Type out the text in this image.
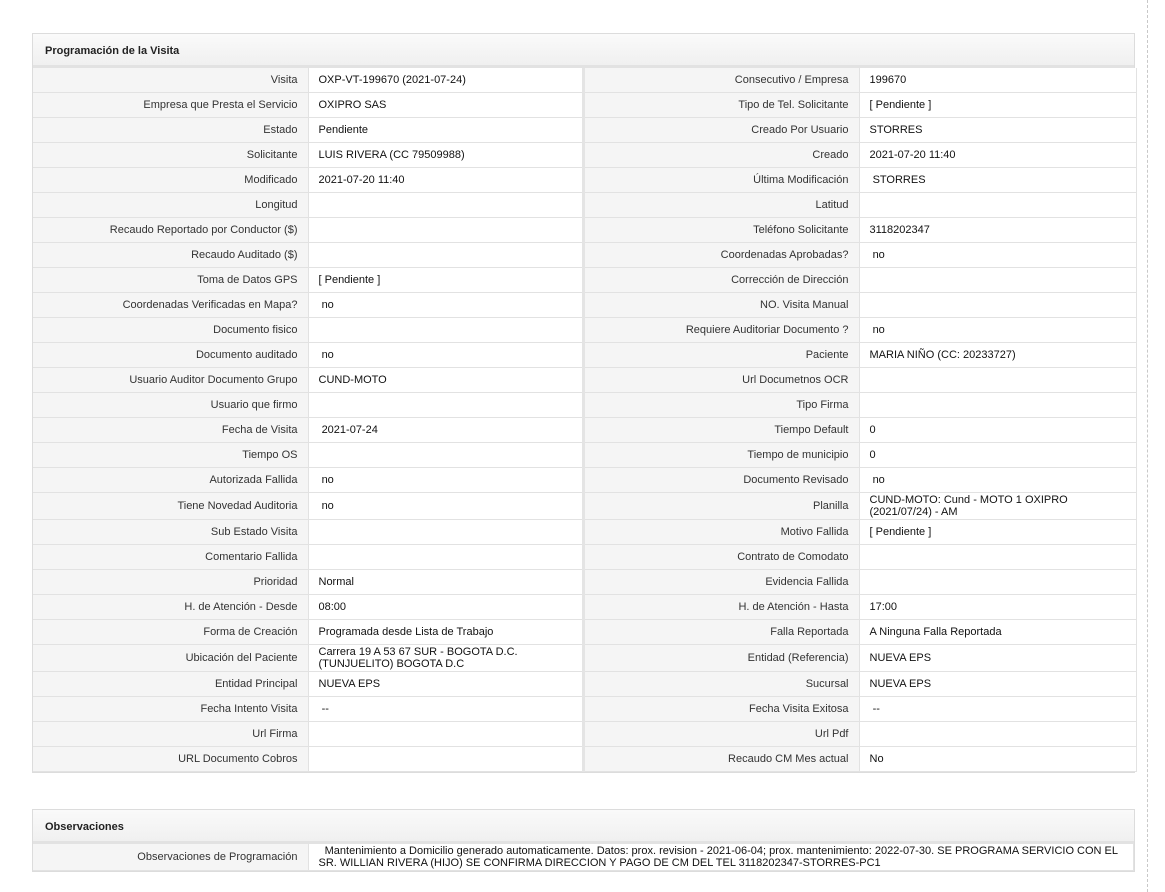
Programación de la Visita
Visita	OXP-VT-199670 (2021-07-24)	Consecutivo / Empresa	199670
Empresa que Presta el Servicio	OXIPRO SAS	Tipo de Tel. Solicitante	[ Pendiente ]
Estado	Pendiente	Creado Por Usuario	STORRES
Solicitante	LUIS RIVERA (CC 79509988)	Creado	2021-07-20 11:40
Modificado	2021-07-20 11:40	Última Modificación	STORRES
Longitud		Latitud	
Recaudo Reportado por Conductor ($)		Teléfono Solicitante	3118202347
Recaudo Auditado ($)		Coordenadas Aprobadas?	no
Toma de Datos GPS	[ Pendiente ]	Corrección de Dirección	
Coordenadas Verificadas en Mapa?	no	NO. Visita Manual	
Documento fisico		Requiere Auditoriar Documento ?	no
Documento auditado	no	Paciente	MARIA NIÑO (CC: 20233727)
Usuario Auditor Documento Grupo	CUND-MOTO	Url Documetnos OCR	
Usuario que firmo		Tipo Firma	
Fecha de Visita	2021-07-24	Tiempo Default	0
Tiempo OS		Tiempo de municipio	0
Autorizada Fallida	no	Documento Revisado	no
Tiene Novedad Auditoria	no	Planilla	CUND-MOTO: Cund - MOTO 1 OXIPRO (2021/07/24) - AM
Sub Estado Visita		Motivo Fallida	[ Pendiente ]
Comentario Fallida		Contrato de Comodato	
Prioridad	Normal	Evidencia Fallida	
H. de Atención - Desde	08:00	H. de Atención - Hasta	17:00
Forma de Creación	Programada desde Lista de Trabajo	Falla Reportada	A Ninguna Falla Reportada
Ubicación del Paciente	Carrera 19 A 53 67 SUR - BOGOTA D.C. (TUNJUELITO) BOGOTA D.C	Entidad (Referencia)	NUEVA EPS
Entidad Principal	NUEVA EPS	Sucursal	NUEVA EPS
Fecha Intento Visita	--	Fecha Visita Exitosa	--
Url Firma		Url Pdf	
URL Documento Cobros		Recaudo CM Mes actual	No
Observaciones
Observaciones de Programación	Mantenimiento a Domicilio generado automaticamente. Datos: prox. revision - 2021-06-04; prox. mantenimiento: 2022-07-30. SE PROGRAMA SERVICIO CON EL SR. WILLIAN RIVERA (HIJO) SE CONFIRMA DIRECCION Y PAGO DE CM DEL TEL 3118202347-STORRES-PC1
